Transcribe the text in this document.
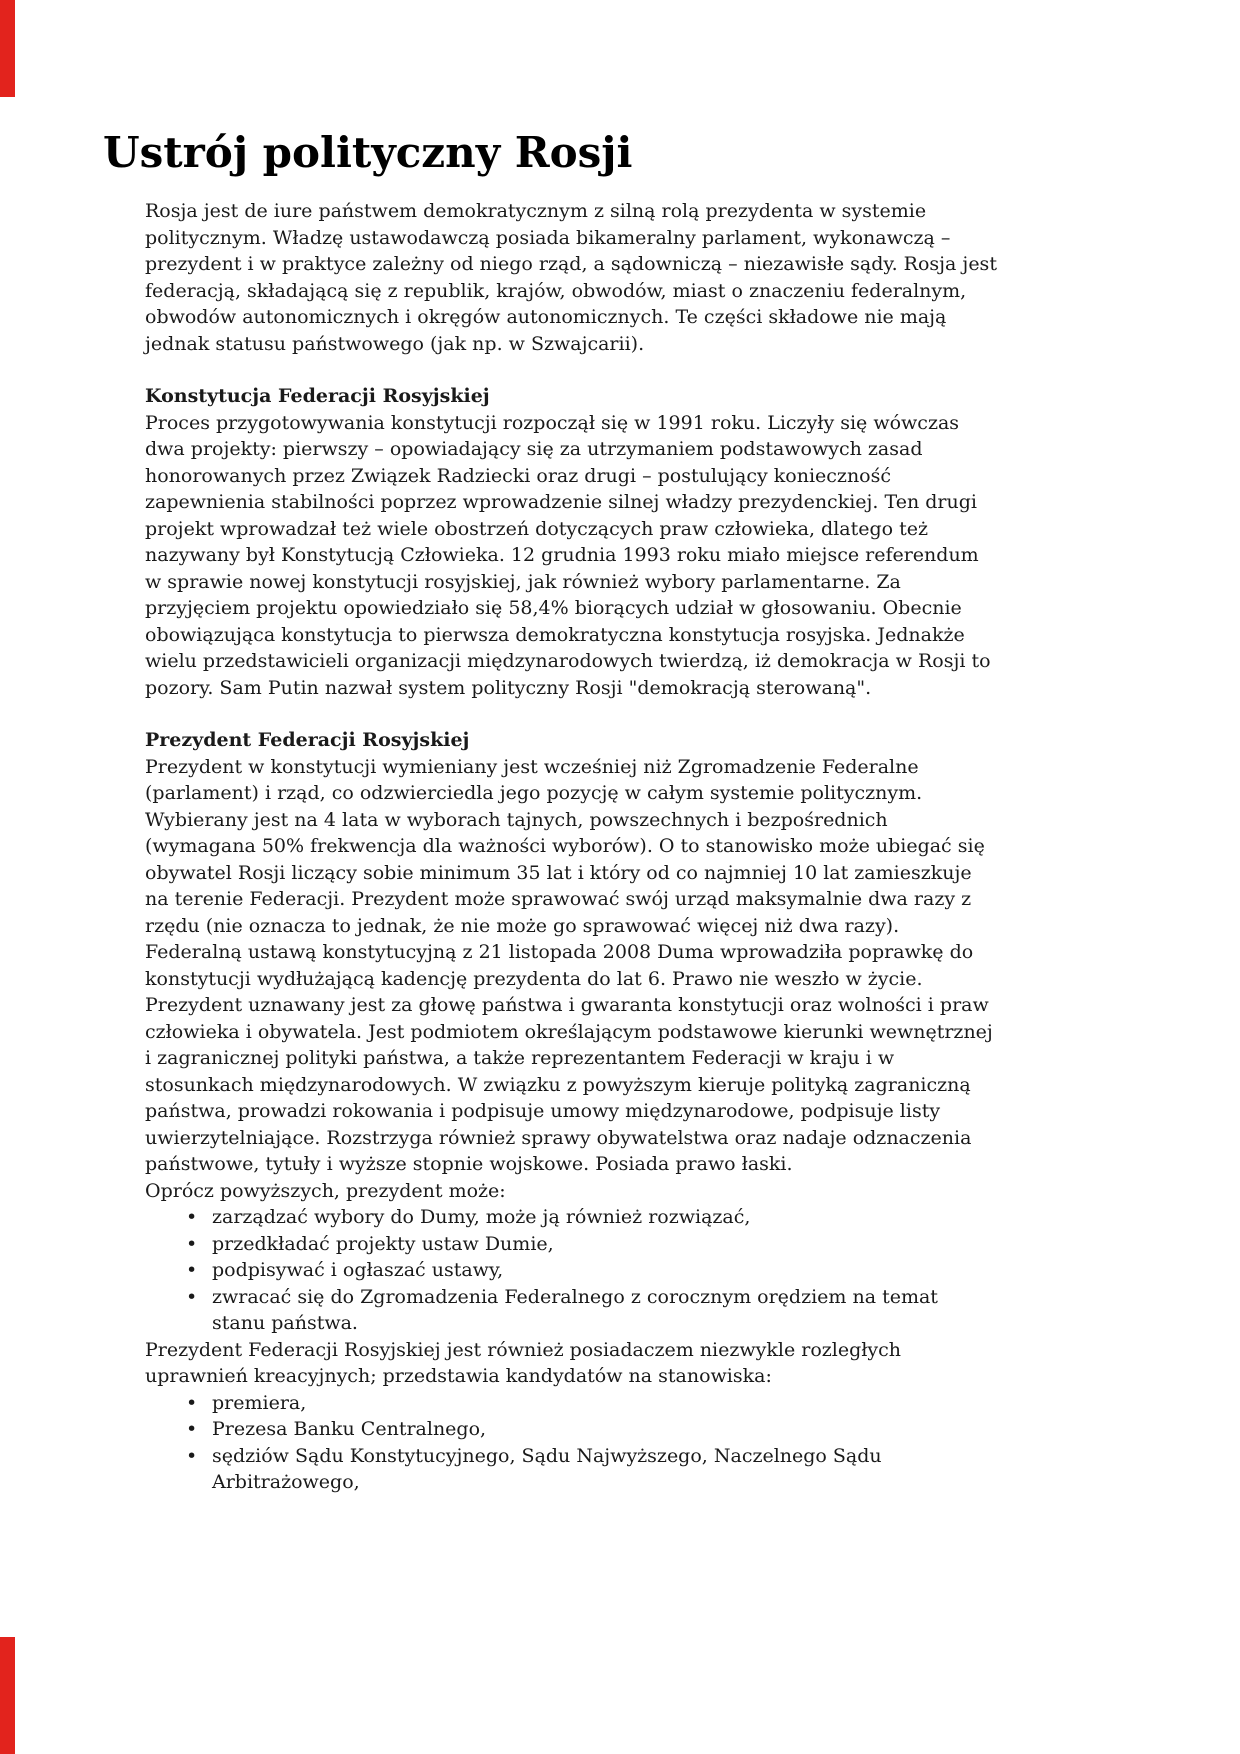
Ustrój polityczny Rosji

Rosja jest de iure państwem demokratycznym z silną rolą prezydenta w systemie politycznym. Władzę ustawodawczą posiada bikameralny parlament, wykonawczą – prezydent i w praktyce zależny od niego rząd, a sądowniczą – niezawisłe sądy. Rosja jest federacją, składającą się z republik, krajów, obwodów, miast o znaczeniu federalnym, obwodów autonomicznych i okręgów autonomicznych. Te części składowe nie mają jednak statusu państwowego (jak np. w Szwajcarii).

Konstytucja Federacji Rosyjskiej

Proces przygotowywania konstytucji rozpoczął się w 1991 roku. Liczyły się wówczas dwa projekty: pierwszy – opowiadający się za utrzymaniem podstawowych zasad honorowanych przez Związek Radziecki oraz drugi – postulujący konieczność zapewnienia stabilności poprzez wprowadzenie silnej władzy prezydenckiej. Ten drugi projekt wprowadzał też wiele obostrzeń dotyczących praw człowieka, dlatego też nazywany był Konstytucją Człowieka. 12 grudnia 1993 roku miało miejsce referendum w sprawie nowej konstytucji rosyjskiej, jak również wybory parlamentarne. Za przyjęciem projektu opowiedziało się 58,4% biorących udział w głosowaniu. Obecnie obowiązująca konstytucja to pierwsza demokratyczna konstytucja rosyjska. Jednakże wielu przedstawicieli organizacji międzynarodowych twierdzą, iż demokracja w Rosji to pozory. Sam Putin nazwał system polityczny Rosji "demokracją sterowaną".

Prezydent Federacji Rosyjskiej

Prezydent w konstytucji wymieniany jest wcześniej niż Zgromadzenie Federalne (parlament) i rząd, co odzwierciedla jego pozycję w całym systemie politycznym.

Wybierany jest na 4 lata w wyborach tajnych, powszechnych i bezpośrednich (wymagana 50% frekwencja dla ważności wyborów). O to stanowisko może ubiegać się obywatel Rosji liczący sobie minimum 35 lat i który od co najmniej 10 lat zamieszkuje na terenie Federacji. Prezydent może sprawować swój urząd maksymalnie dwa razy z rzędu (nie oznacza to jednak, że nie może go sprawować więcej niż dwa razy). Federalną ustawą konstytucyjną z 21 listopada 2008 Duma wprowadziła poprawkę do konstytucji wydłużającą kadencję prezydenta do lat 6. Prawo nie weszło w życie.

Prezydent uznawany jest za głowę państwa i gwaranta konstytucji oraz wolności i praw człowieka i obywatela. Jest podmiotem określającym podstawowe kierunki wewnętrznej i zagranicznej polityki państwa, a także reprezentantem Federacji w kraju i w stosunkach międzynarodowych. W związku z powyższym kieruje polityką zagraniczną państwa, prowadzi rokowania i podpisuje umowy międzynarodowe, podpisuje listy uwierzytelniające. Rozstrzyga również sprawy obywatelstwa oraz nadaje odznaczenia państwowe, tytuły i wyższe stopnie wojskowe. Posiada prawo łaski.

Oprócz powyższych, prezydent może:

• zarządzać wybory do Dumy, może ją również rozwiązać,
• przedkładać projekty ustaw Dumie,
• podpisywać i ogłaszać ustawy,
• zwracać się do Zgromadzenia Federalnego z corocznym orędziem na temat stanu państwa.

Prezydent Federacji Rosyjskiej jest również posiadaczem niezwykle rozległych uprawnień kreacyjnych; przedstawia kandydatów na stanowiska:

• premiera,
• Prezesa Banku Centralnego,
• sędziów Sądu Konstytucyjnego, Sądu Najwyższego, Naczelnego Sądu Arbitrażowego,
